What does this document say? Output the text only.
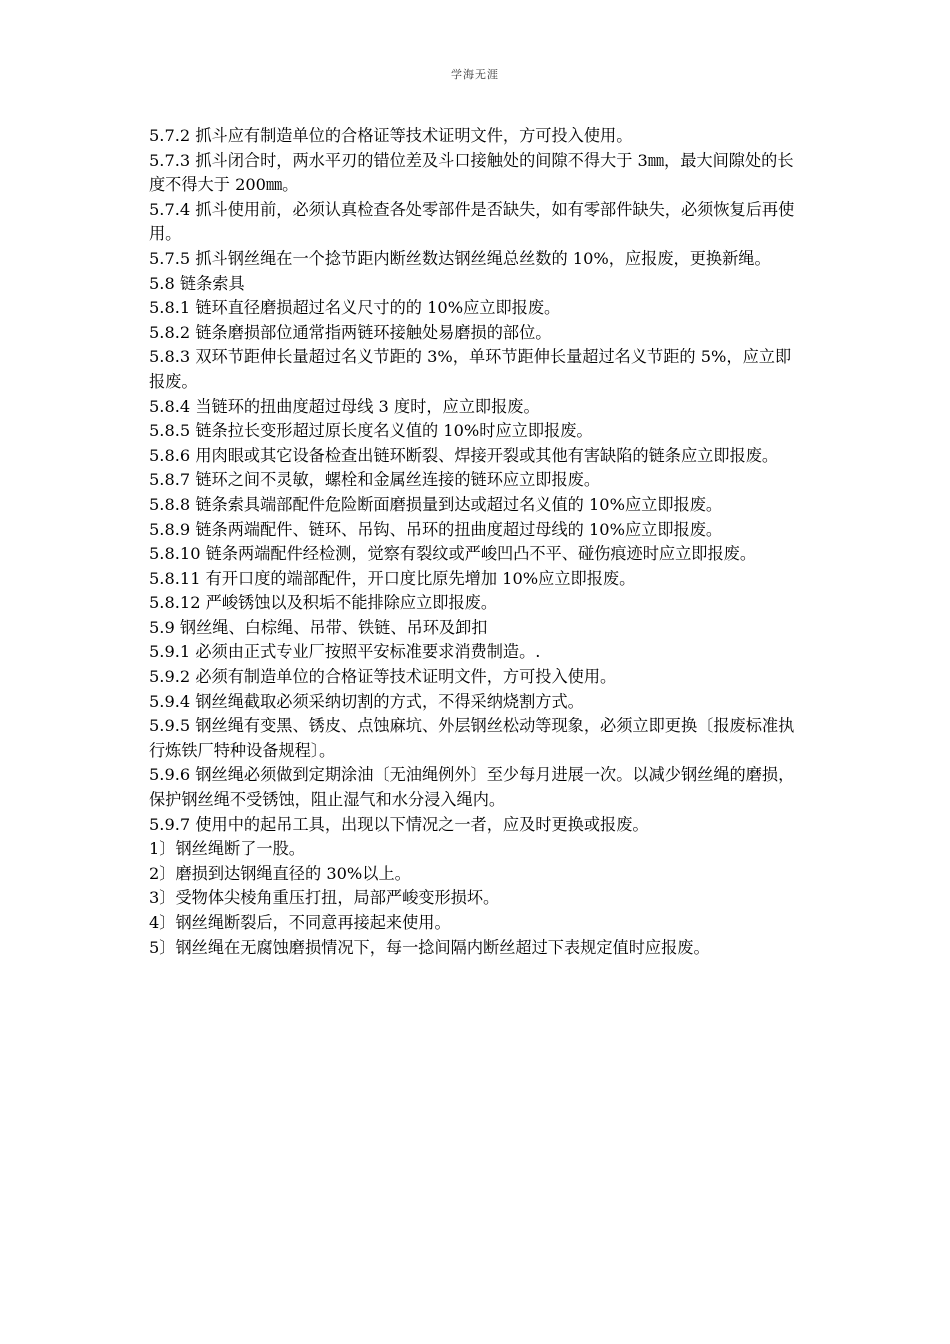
学海无涯

5.7.2 抓斗应有制造单位的合格证等技术证明文件，方可投入使用。

5.7.3 抓斗闭合时，两水平刃的错位差及斗口接触处的间隙不得大于 3㎜，最大间隙处的长度不得大于 200㎜。

5.7.4 抓斗使用前，必须认真检查各处零部件是否缺失，如有零部件缺失，必须恢复后再使用。

5.7.5 抓斗钢丝绳在一个捻节距内断丝数达钢丝绳总丝数的 10%，应报废，更换新绳。

5.8 链条索具

5.8.1 链环直径磨损超过名义尺寸的的 10%应立即报废。

5.8.2 链条磨损部位通常指两链环接触处易磨损的部位。

5.8.3 双环节距伸长量超过名义节距的 3%，单环节距伸长量超过名义节距的 5%，应立即报废。

5.8.4 当链环的扭曲度超过母线 3 度时，应立即报废。

5.8.5 链条拉长变形超过原长度名义值的 10%时应立即报废。

5.8.6 用肉眼或其它设备检查出链环断裂、焊接开裂或其他有害缺陷的链条应立即报废。

5.8.7 链环之间不灵敏，螺栓和金属丝连接的链环应立即报废。

5.8.8 链条索具端部配件危险断面磨损量到达或超过名义值的 10%应立即报废。

5.8.9 链条两端配件、链环、吊钩、吊环的扭曲度超过母线的 10%应立即报废。

5.8.10 链条两端配件经检测，觉察有裂纹或严峻凹凸不平、碰伤痕迹时应立即报废。

5.8.11 有开口度的端部配件，开口度比原先增加 10%应立即报废。

5.8.12 严峻锈蚀以及积垢不能排除应立即报废。

5.9 钢丝绳、白棕绳、吊带、铁链、吊环及卸扣

5.9.1 必须由正式专业厂按照平安标准要求消费制造。.

5.9.2 必须有制造单位的合格证等技术证明文件，方可投入使用。

5.9.4 钢丝绳截取必须采纳切割的方式，不得采纳烧割方式。

5.9.5 钢丝绳有变黑、锈皮、点蚀麻坑、外层钢丝松动等现象，必须立即更换〔报废标准执行炼铁厂特种设备规程〕。

5.9.6 钢丝绳必须做到定期涂油〔无油绳例外〕至少每月进展一次。以减少钢丝绳的磨损，保护钢丝绳不受锈蚀，阻止湿气和水分浸入绳内。

5.9.7 使用中的起吊工具，出现以下情况之一者，应及时更换或报废。

1〕钢丝绳断了一股。

2〕磨损到达钢绳直径的 30%以上。

3〕受物体尖棱角重压打扭，局部严峻变形损坏。

4〕钢丝绳断裂后，不同意再接起来使用。

5〕钢丝绳在无腐蚀磨损情况下，每一捻间隔内断丝超过下表规定值时应报废。
